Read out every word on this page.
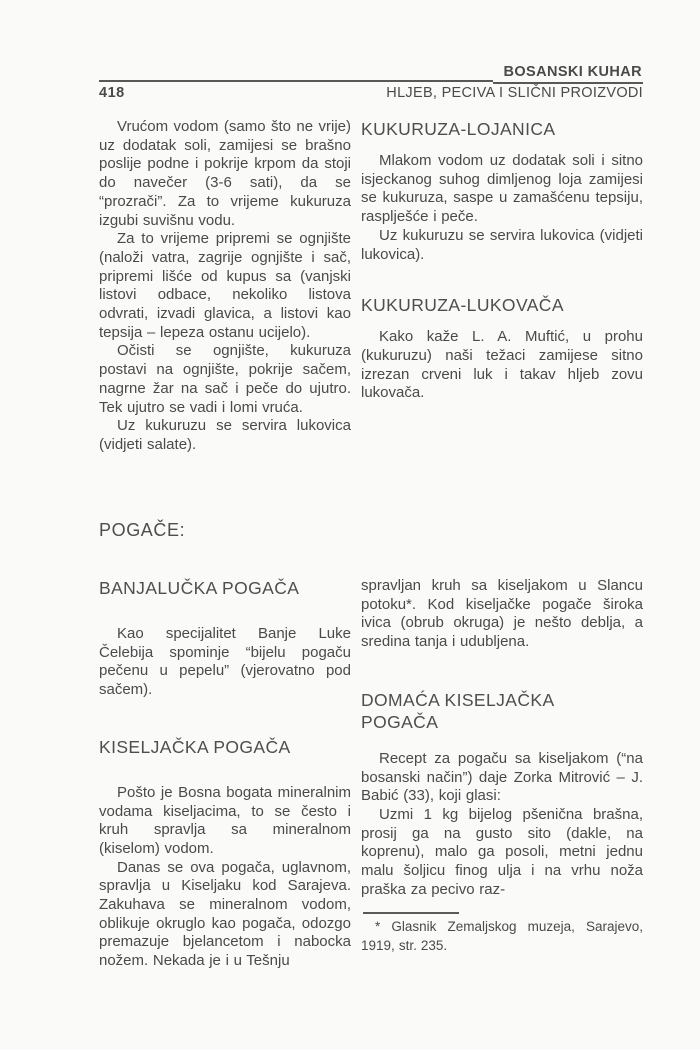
BOSANSKI KUHAR
418	HLJEB, PECIVA I SLIČNI PROIZVODI

Vrućom vodom (samo što ne vrije) uz dodatak soli, zamijesi se brašno poslije podne i pokrije krpom da stoji do navečer (3-6 sati), da se “prozrači”. Za to vrijeme kukuruza izgubi suvišnu vodu.

Za to vrijeme pripremi se ognjište (naloži vatra, zagrije ognjište i sač, pripremi lišće od kupus sa (vanjski listovi odbace, nekoliko listova odvrati, izvadi glavica, a listovi kao tepsija – lepeza ostanu ucijelo).

Očisti se ognjište, kukuruza postavi na ognjište, pokrije sačem, nagrne žar na sač i peče do ujutro. Tek ujutro se vadi i lomi vruća.

Uz kukuruzu se servira lukovica (vidjeti salate).

KUKURUZA-LOJANICA

Mlakom vodom uz dodatak soli i sitno isjeckanog suhog dimljenog loja zamijesi se kukuruza, saspe u zamašćenu tepsiju, rasplješće i peče.

Uz kukuruzu se servira lukovica (vidjeti lukovica).

KUKURUZA-LUKOVAČA

Kako kaže L. A. Muftić, u prohu (kukuruzu) naši težaci zamijese sitno izrezan crveni luk i takav hljeb zovu lukovača.

POGAČE:
BANJALUČKA POGAČA

Kao specijalitet Banje Luke Čelebija spominje “bijelu pogaču pečenu u pepelu” (vjerovatno pod sačem).

KISELJAČKA POGAČA

Pošto je Bosna bogata mineralnim vodama kiseljacima, to se često i kruh spravlja sa mineralnom (kiselom) vodom.

Danas se ova pogača, uglavnom, spravlja u Kiseljaku kod Sarajeva. Zakuhava se mineralnom vodom, oblikuje okruglo kao pogača, odozgo premazuje bjelancetom i nabocka nožem. Nekada je i u Tešnju

spravljan kruh sa kiseljakom u Slancu potoku*. Kod kiseljačke pogače široka ivica (obrub okruga) je nešto deblja, a sredina tanja i udubljena.

DOMAĆA KISELJAČKA POGAČA

Recept za pogaču sa kiseljakom (“na bosanski način”) daje Zorka Mitrović – J. Babić (33), koji glasi:

Uzmi 1 kg bijelog pšenična brašna, prosij ga na gusto sito (dakle, na koprenu), malo ga posoli, metni jednu malu šoljicu finog ulja i na vrhu noža praška za pecivo raz-

* Glasnik Zemaljskog muzeja, Sarajevo, 1919, str. 235.
